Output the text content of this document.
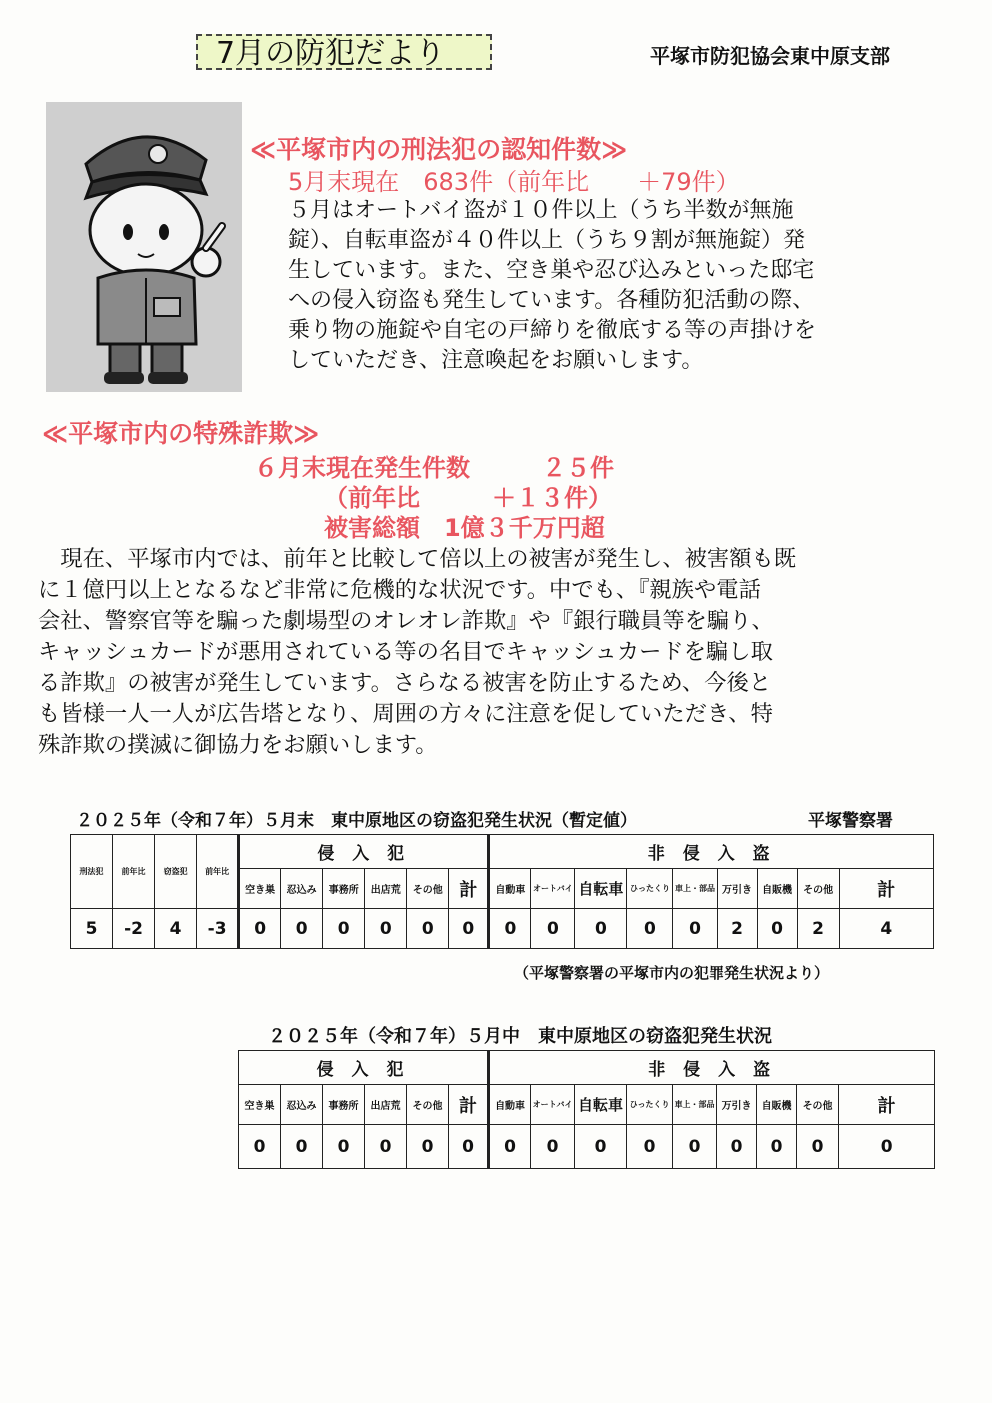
7月の防犯だより	平塚市防犯協会東中原支部
≪平塚市内の刑法犯の認知件数≫
5月末現在　683件（前年比　　＋79件）

５月はオートバイ盗が１０件以上（うち半数が無施
錠）、自転車盗が４０件以上（うち９割が無施錠）発
生しています。また、空き巣や忍び込みといった邸宅
への侵入窃盗も発生しています。各種防犯活動の際、
乗り物の施錠や自宅の戸締りを徹底する等の声掛けを
していただき、注意喚起をお願いします。

≪平塚市内の特殊詐欺≫
６月末現在発生件数　　　２５件
（前年比　　　＋１３件）
被害総額　1億３千万円超

　現在、平塚市内では、前年と比較して倍以上の被害が発生し、被害額も既
に１億円以上となるなど非常に危機的な状況です。中でも、『親族や電話
会社、警察官等を騙った劇場型のオレオレ詐欺』や『銀行職員等を騙り、
キャッシュカードが悪用されている等の名目でキャッシュカードを騙し取
る詐欺』の被害が発生しています。さらなる被害を防止するため、今後と
も皆様一人一人が広告塔となり、周囲の方々に注意を促していただき、特
殊詐欺の撲滅に御協力をお願いします。

２０２５年（令和７年）５月末　東中原地区の窃盗犯発生状況（暫定値）	平塚警察署
刑法犯	前年比	窃盗犯	前年比	侵 入 犯						非 侵 入 盗								
				空き巣	忍込み	事務所	出店荒	その他	計	自動車	オートバイ	自転車	ひったくり	車上・部品	万引き	自販機	その他	計
5	-2	4	-3	0	0	0	0	0	0	0	0	0	0	0	2	0	2	4
（平塚警察署の平塚市内の犯罪発生状況より）
２０２５年（令和７年）５月中　東中原地区の窃盗犯発生状況
侵 入 犯						非 侵 入 盗								
空き巣	忍込み	事務所	出店荒	その他	計	自動車	オートバイ	自転車	ひったくり	車上・部品	万引き	自販機	その他	計
0	0	0	0	0	0	0	0	0	0	0	0	0	0	0
